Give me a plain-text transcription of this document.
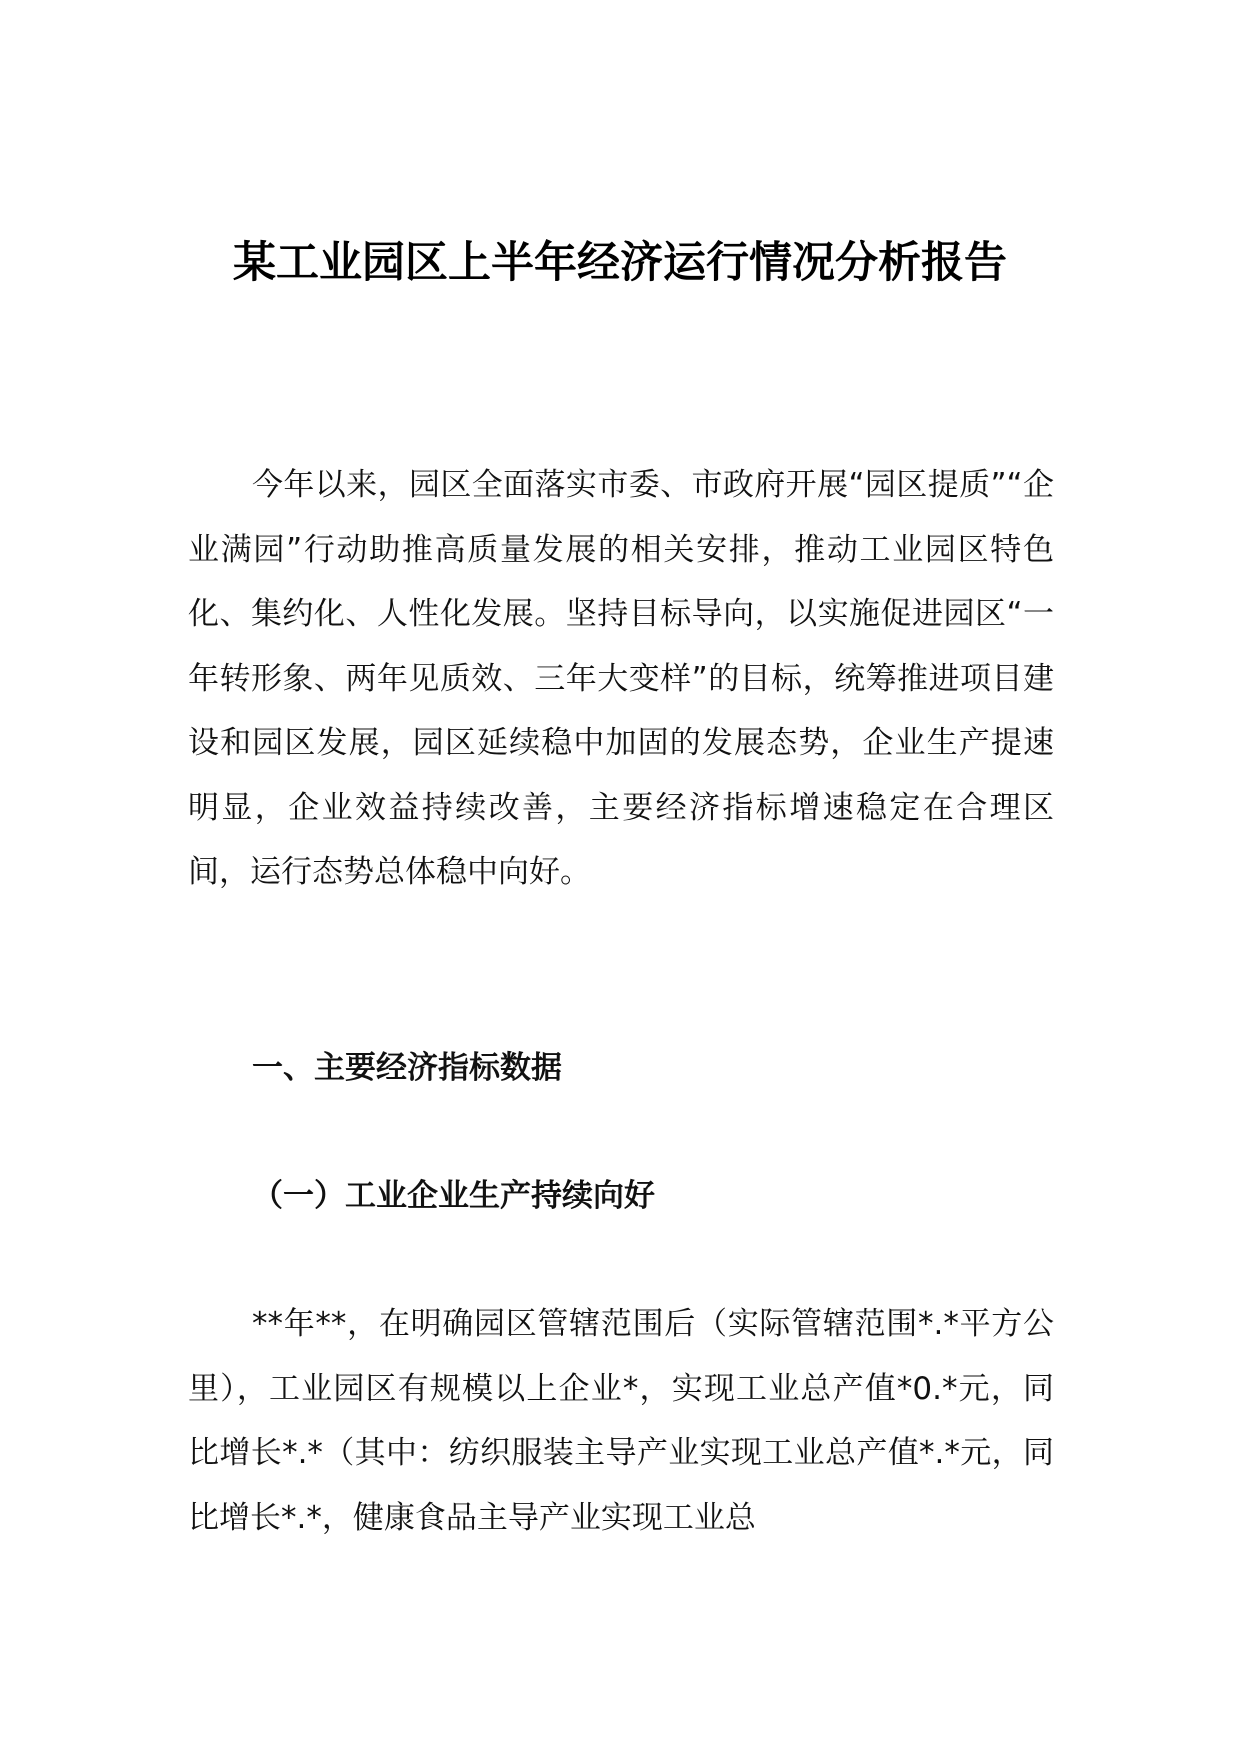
某工业园区上半年经济运行情况分析报告

今年以来，园区全面落实市委、市政府开展“园区提质”“企业满园”行动助推高质量发展的相关安排，推动工业园区特色化、集约化、人性化发展。坚持目标导向，以实施促进园区“一年转形象、两年见质效、三年大变样”的目标，统筹推进项目建设和园区发展，园区延续稳中加固的发展态势，企业生产提速明显，企业效益持续改善，主要经济指标增速稳定在合理区间，运行态势总体稳中向好。

一、主要经济指标数据
（一）工业企业生产持续向好

**年**，在明确园区管辖范围后（实际管辖范围*.*平方公里），工业园区有规模以上企业*，实现工业总产值*0.*元，同比增长*.*（其中：纺织服装主导产业实现工业总产值*.*元，同比增长*.*，健康食品主导产业实现工业总
